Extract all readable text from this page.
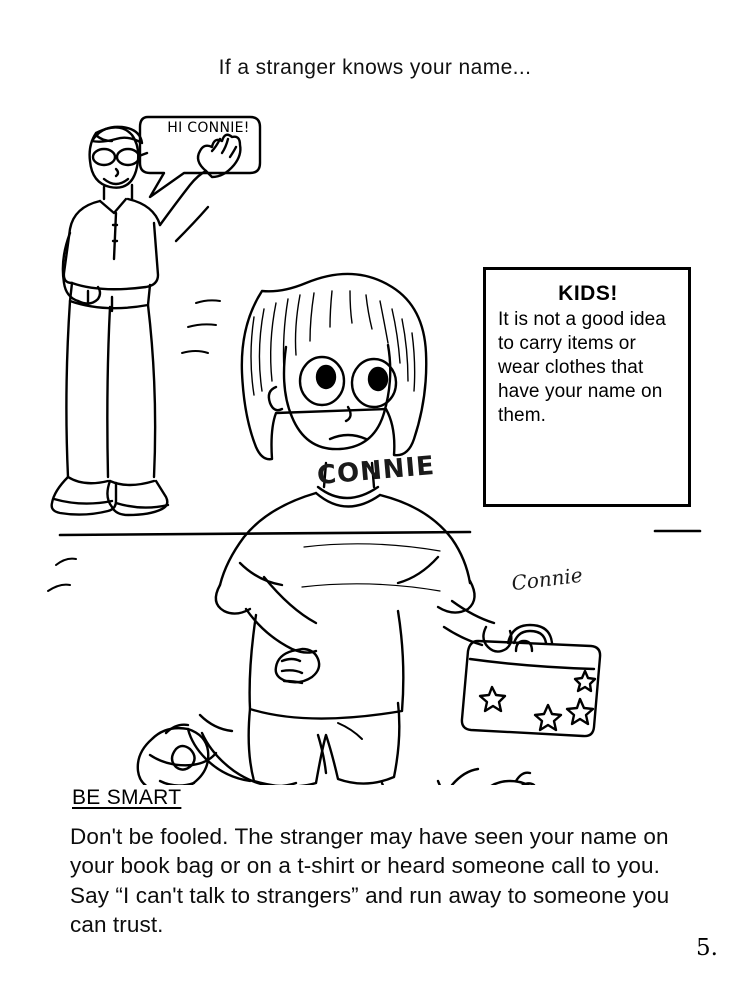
If a stranger knows your name...
HI CONNIE!
CONNIE
Connie
KIDS!
It is not a good idea to carry items or wear clothes that have your name on them.
BE SMART
Don't be fooled. The stranger may have seen your name on your book bag or on a t-shirt or heard someone call to you. Say “I can't talk to strangers” and run away to someone you can trust.
5.
